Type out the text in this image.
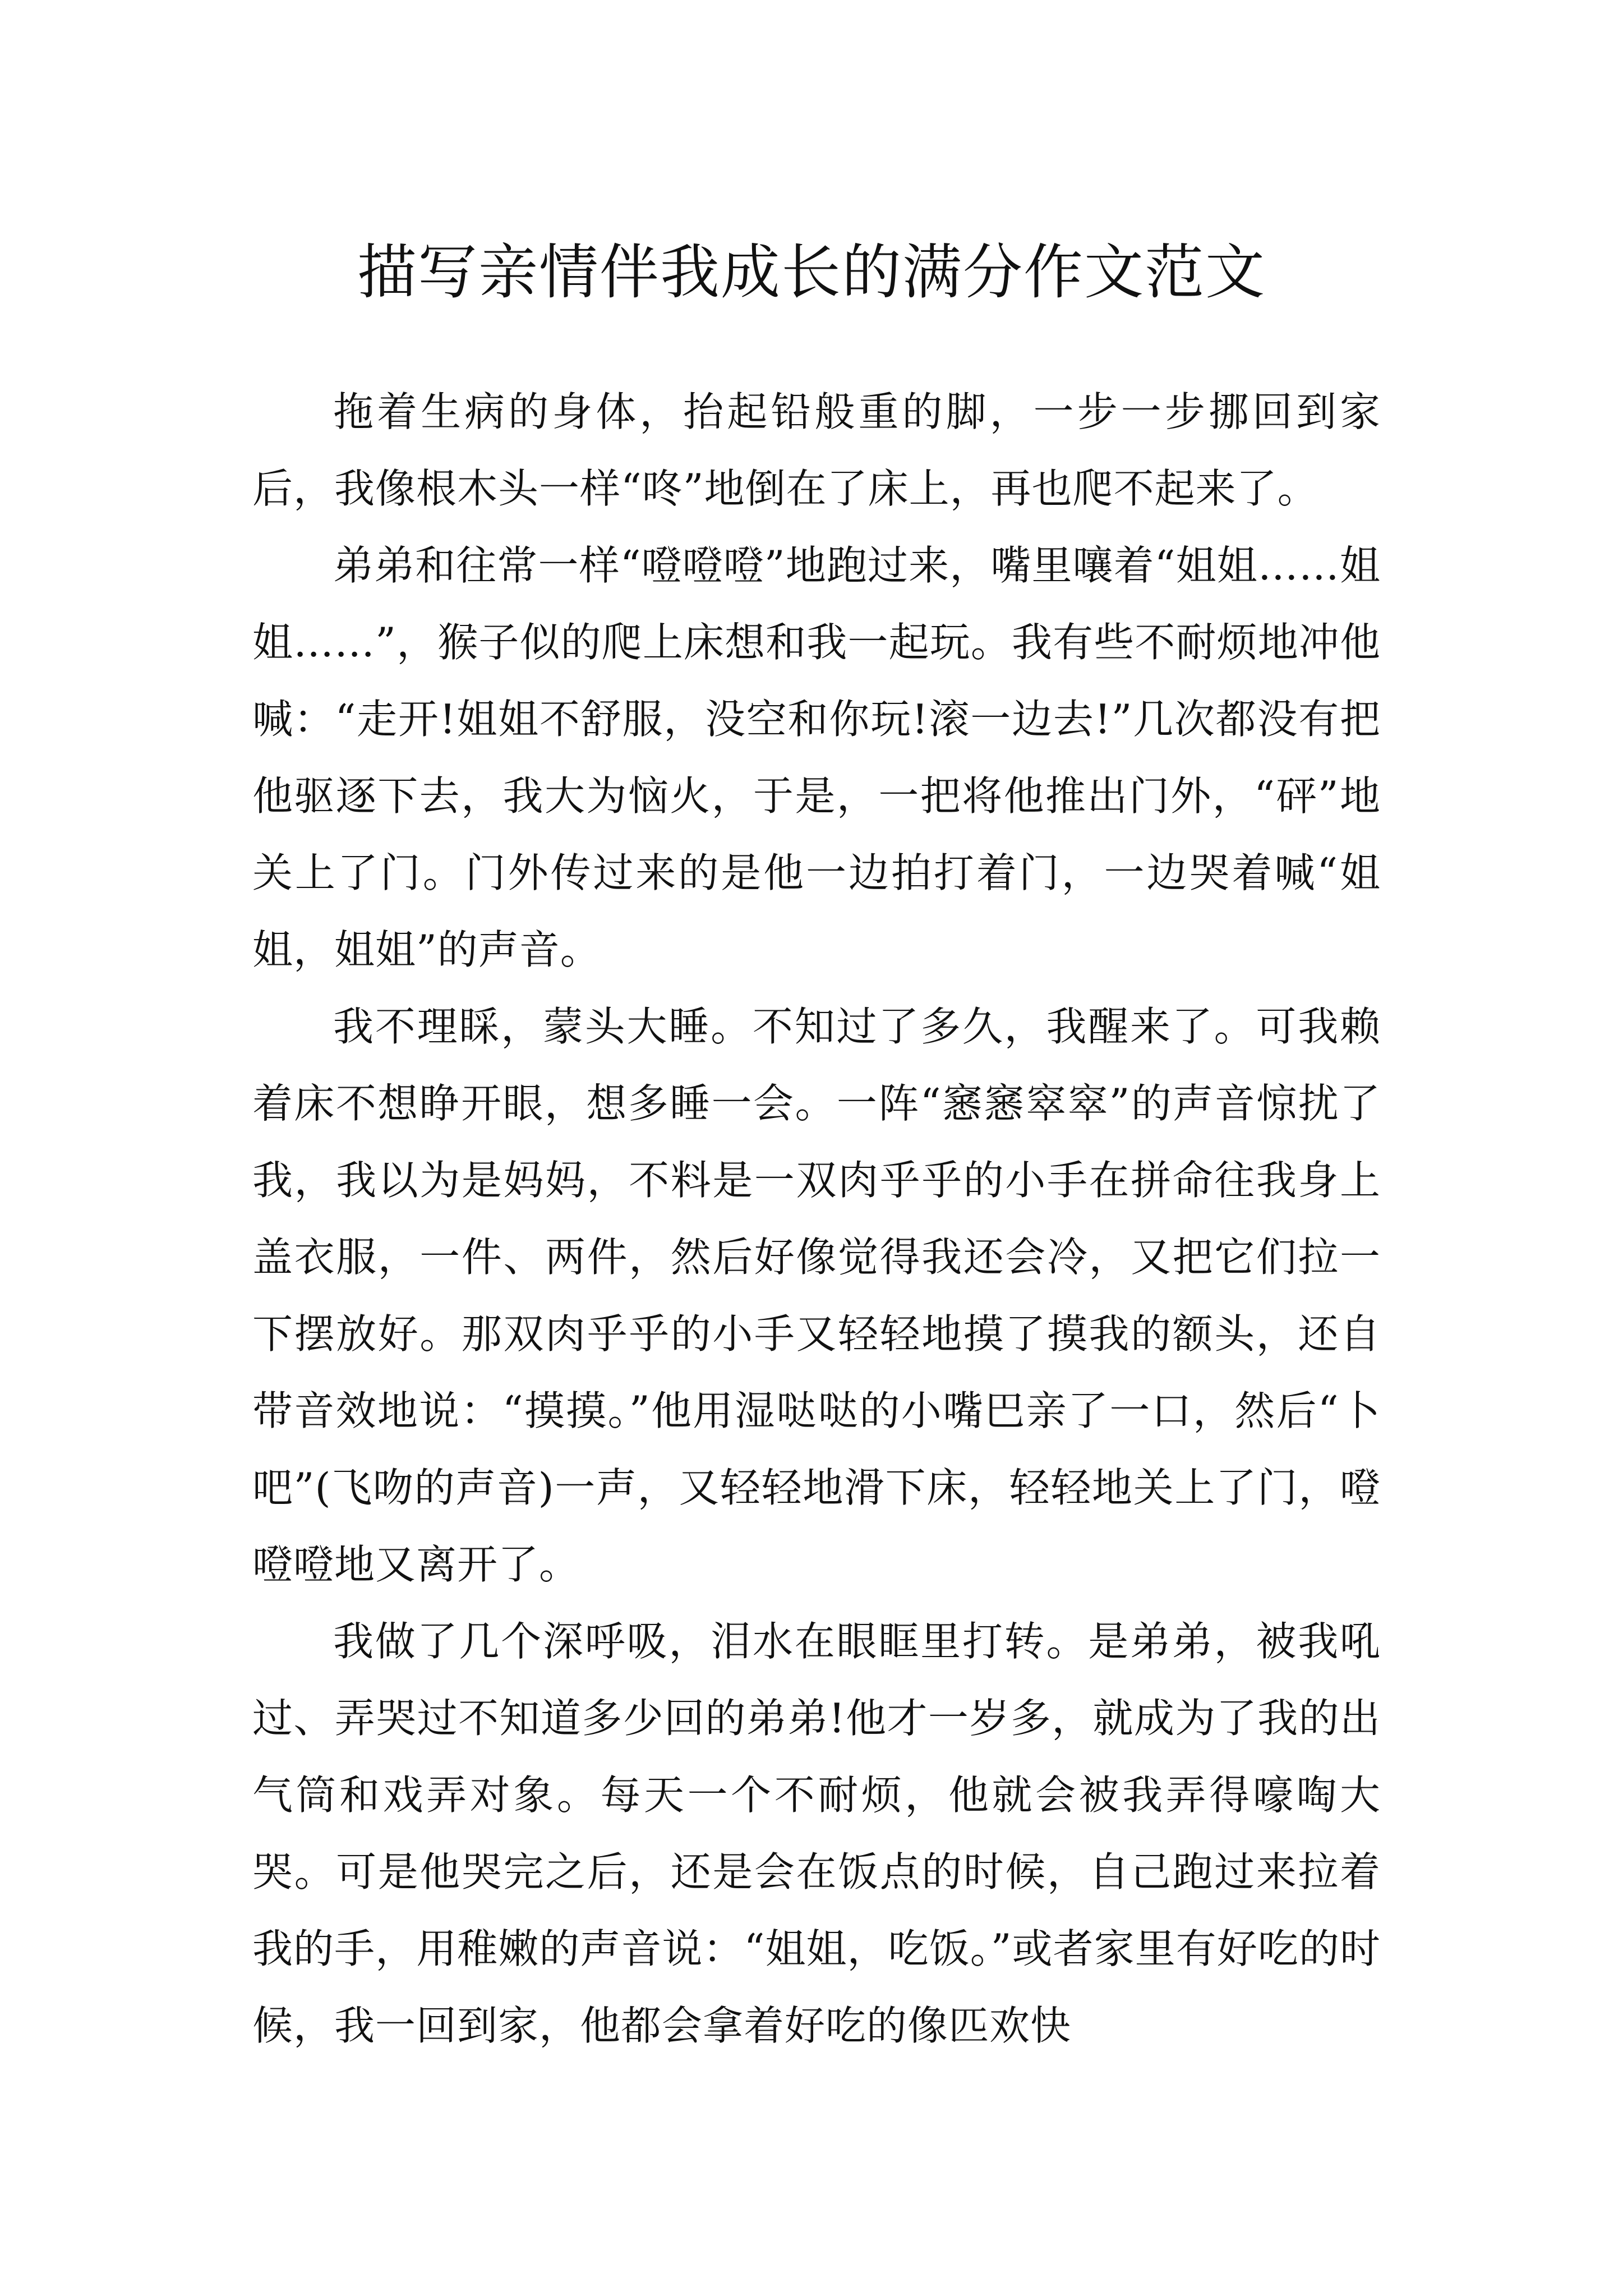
描写亲情伴我成长的满分作文范文

拖着生病的身体，抬起铅般重的脚，一步一步挪回到家后，我像根木头一样“咚”地倒在了床上，再也爬不起来了。

弟弟和往常一样“噔噔噔”地跑过来，嘴里嚷着“姐姐……姐姐……”，猴子似的爬上床想和我一起玩。我有些不耐烦地冲他喊：“走开!姐姐不舒服，没空和你玩!滚一边去!”几次都没有把他驱逐下去，我大为恼火，于是，一把将他推出门外，“砰”地关上了门。门外传过来的是他一边拍打着门，一边哭着喊“姐姐，姐姐”的声音。

我不理睬，蒙头大睡。不知过了多久，我醒来了。可我赖着床不想睁开眼，想多睡一会。一阵“窸窸窣窣”的声音惊扰了我，我以为是妈妈，不料是一双肉乎乎的小手在拼命往我身上盖衣服，一件、两件，然后好像觉得我还会冷，又把它们拉一下摆放好。那双肉乎乎的小手又轻轻地摸了摸我的额头，还自带音效地说：“摸摸。”他用湿哒哒的小嘴巴亲了一口，然后“卜吧”(飞吻的声音)一声，又轻轻地滑下床，轻轻地关上了门，噔噔噔地又离开了。

我做了几个深呼吸，泪水在眼眶里打转。是弟弟，被我吼过、弄哭过不知道多少回的弟弟!他才一岁多，就成为了我的出气筒和戏弄对象。每天一个不耐烦，他就会被我弄得嚎啕大哭。可是他哭完之后，还是会在饭点的时候，自己跑过来拉着我的手，用稚嫩的声音说：“姐姐，吃饭。”或者家里有好吃的时候，我一回到家，他都会拿着好吃的像匹欢快
